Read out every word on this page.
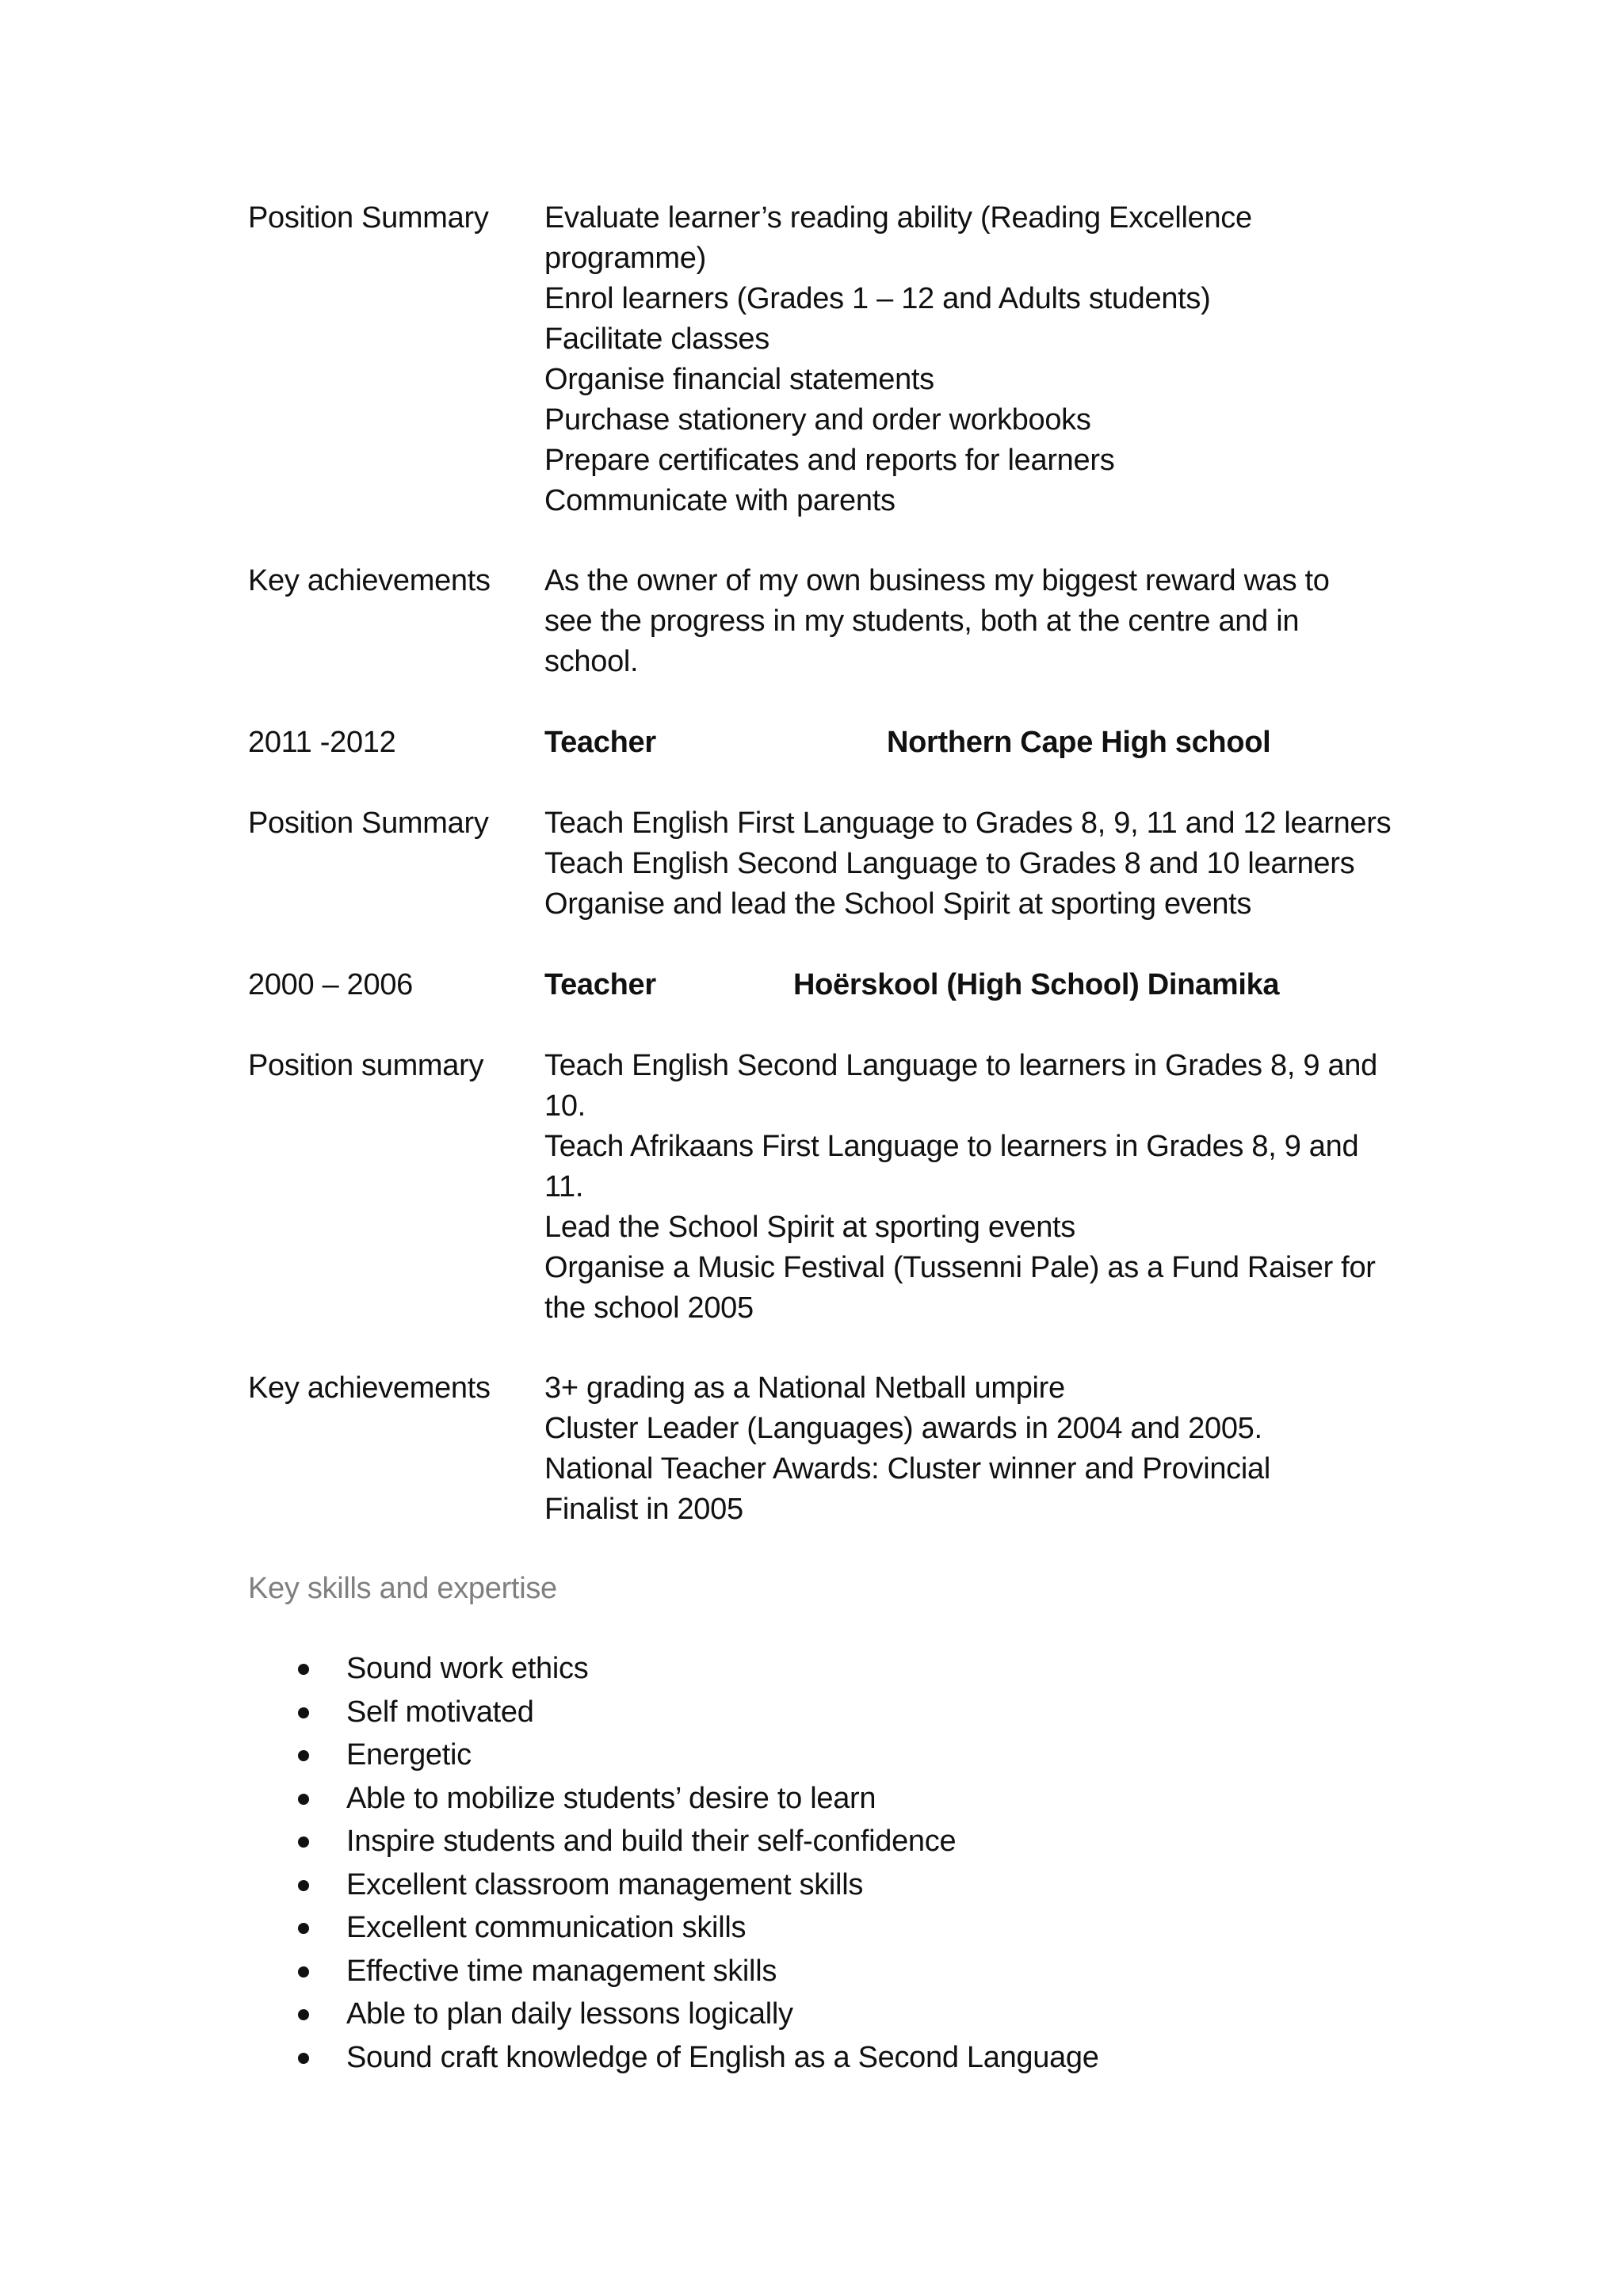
Position Summary	Evaluate learner’s reading ability (Reading Excellence
programme)
Enrol learners (Grades 1 – 12 and Adults students)
Facilitate classes
Organise financial statements
Purchase stationery and order workbooks
Prepare certificates and reports for learners
Communicate with parents
Key achievements	As the owner of my own business my biggest reward was to
see the progress in my students, both at the centre and in
school.
2011 -2012	Teacher	Northern Cape High school
Position Summary	Teach English First Language to Grades 8, 9, 11 and 12 learners
Teach English Second Language to Grades 8 and 10 learners
Organise and lead the School Spirit at sporting events
2000 – 2006	Teacher	Hoërskool (High School) Dinamika
Position summary	Teach English Second Language to learners in Grades 8, 9 and
10.
Teach Afrikaans First Language to learners in Grades 8, 9 and
11.
Lead the School Spirit at sporting events
Organise a Music Festival (Tussenni Pale) as a Fund Raiser for
the school 2005
Key achievements	3+ grading as a National Netball umpire
Cluster Leader (Languages) awards in 2004 and 2005.
National Teacher Awards: Cluster winner and Provincial
Finalist in 2005
Key skills and expertise
Sound work ethics
Self motivated
Energetic
Able to mobilize students’ desire to learn
Inspire students and build their self-confidence
Excellent classroom management skills
Excellent communication skills
Effective time management skills
Able to plan daily lessons logically
Sound craft knowledge of English as a Second Language
